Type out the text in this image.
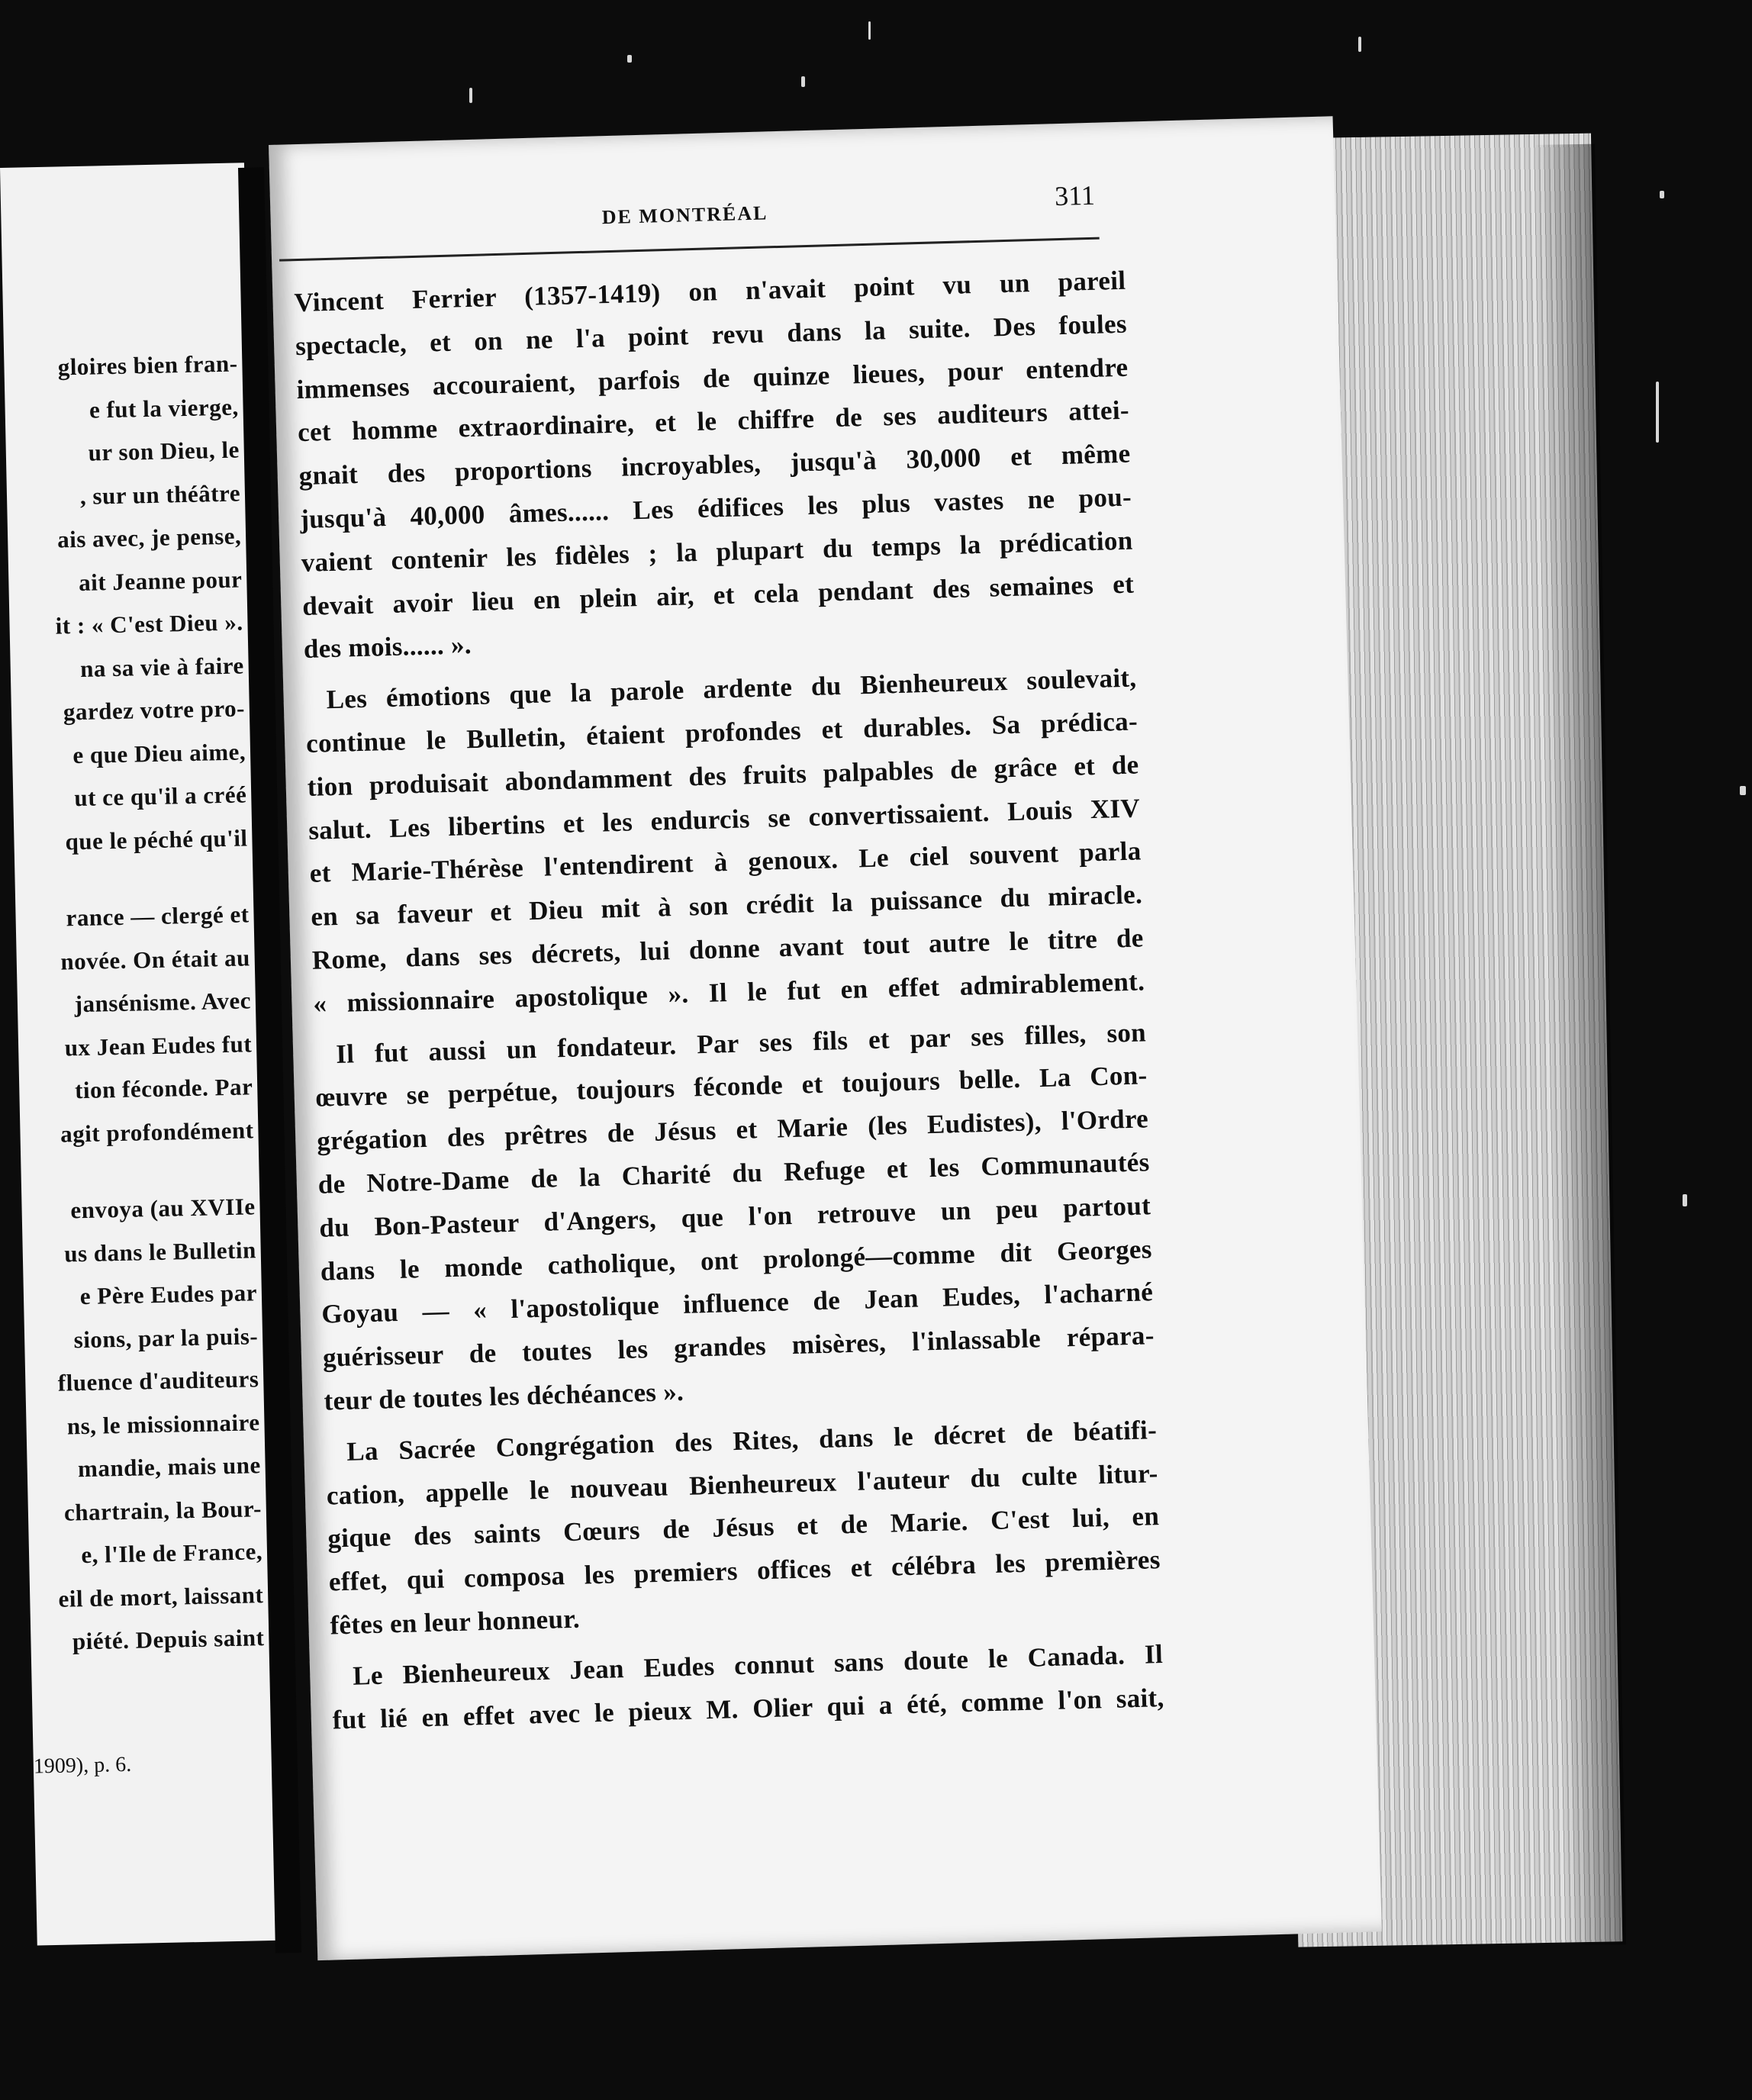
gloires bien fran-
e fut la vierge,
ur son Dieu, le
, sur un théâtre
ais avec, je pense,
ait Jeanne pour
it : « C'est Dieu ».
na sa vie à faire
gardez votre pro-
e que Dieu aime,
ut ce qu'il a créé
que le péché qu'il
rance — clergé et
novée. On était au
jansénisme. Avec
ux Jean Eudes fut
tion féconde. Par
agit profondément
envoya (au XVIIe
us dans le Bulletin
e Père Eudes par
sions, par la puis-
fluence d'auditeurs
ns, le missionnaire
mandie, mais une
chartrain, la Bour-
e, l'Ile de France,
eil de mort, laissant
piété. Depuis saint
1909), p. 6.
DE MONTRÉAL
311
Vincent Ferrier (1357-1419) on n'avait point vu un pareil
spectacle, et on ne l'a point revu dans la suite. Des foules
immenses accouraient, parfois de quinze lieues, pour entendre
cet homme extraordinaire, et le chiffre de ses auditeurs attei-
gnait des proportions incroyables, jusqu'à 30,000 et même
jusqu'à 40,000 âmes...... Les édifices les plus vastes ne pou-
vaient contenir les fidèles ; la plupart du temps la prédication
devait avoir lieu en plein air, et cela pendant des semaines et
des mois...... ».
Les émotions que la parole ardente du Bienheureux soulevait,
continue le Bulletin, étaient profondes et durables. Sa prédica-
tion produisait abondamment des fruits palpables de grâce et de
salut. Les libertins et les endurcis se convertissaient. Louis XIV
et Marie-Thérèse l'entendirent à genoux. Le ciel souvent parla
en sa faveur et Dieu mit à son crédit la puissance du miracle.
Rome, dans ses décrets, lui donne avant tout autre le titre de
« missionnaire apostolique ». Il le fut en effet admirablement.
Il fut aussi un fondateur. Par ses fils et par ses filles, son
œuvre se perpétue, toujours féconde et toujours belle. La Con-
grégation des prêtres de Jésus et Marie (les Eudistes), l'Ordre
de Notre-Dame de la Charité du Refuge et les Communautés
du Bon-Pasteur d'Angers, que l'on retrouve un peu partout
dans le monde catholique, ont prolongé—comme dit Georges
Goyau — « l'apostolique influence de Jean Eudes, l'acharné
guérisseur de toutes les grandes misères, l'inlassable répara-
teur de toutes les déchéances ».
La Sacrée Congrégation des Rites, dans le décret de béatifi-
cation, appelle le nouveau Bienheureux l'auteur du culte litur-
gique des saints Cœurs de Jésus et de Marie. C'est lui, en
effet, qui composa les premiers offices et célébra les premières
fêtes en leur honneur.
Le Bienheureux Jean Eudes connut sans doute le Canada. Il
fut lié en effet avec le pieux M. Olier qui a été, comme l'on sait,
